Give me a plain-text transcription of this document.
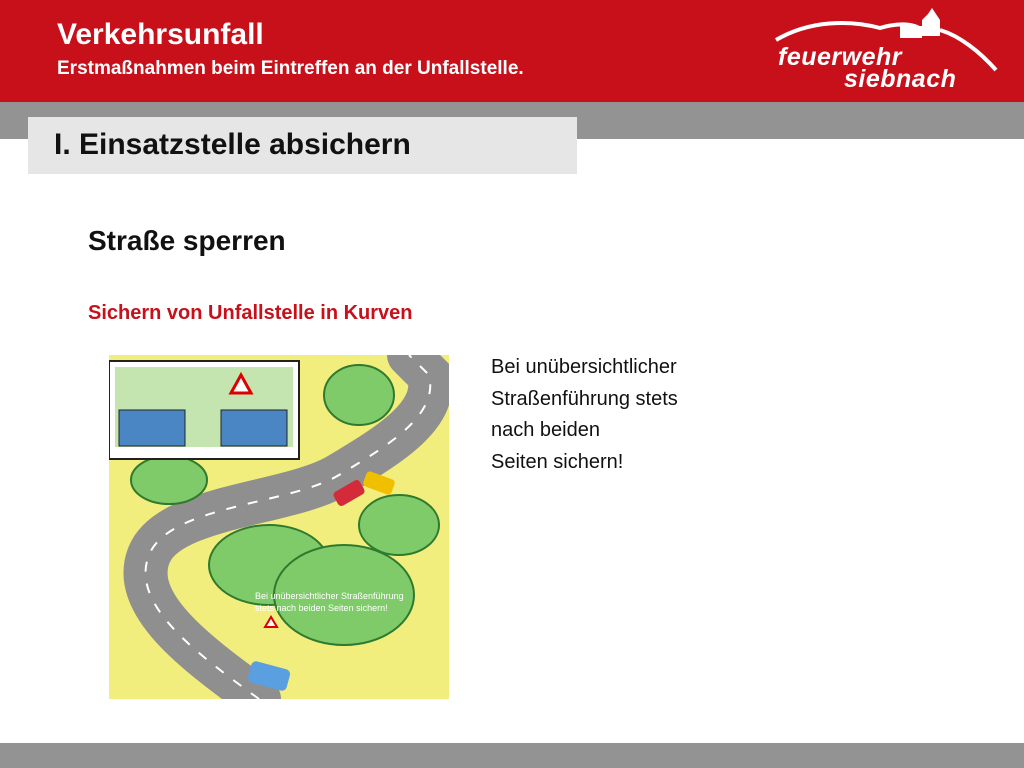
Verkehrsunfall
Erstmaßnahmen beim Eintreffen an der Unfallstelle.	feuerwehr
siebnach
I. Einsatzstelle absichern
Straße sperren
Sichern von Unfallstelle in Kurven
Bei unübersichtlicher
Straßenführung stets
nach beiden
Seiten sichern!
Bei unübersichtlicher Straßenführung
stets nach beiden Seiten sichern!
